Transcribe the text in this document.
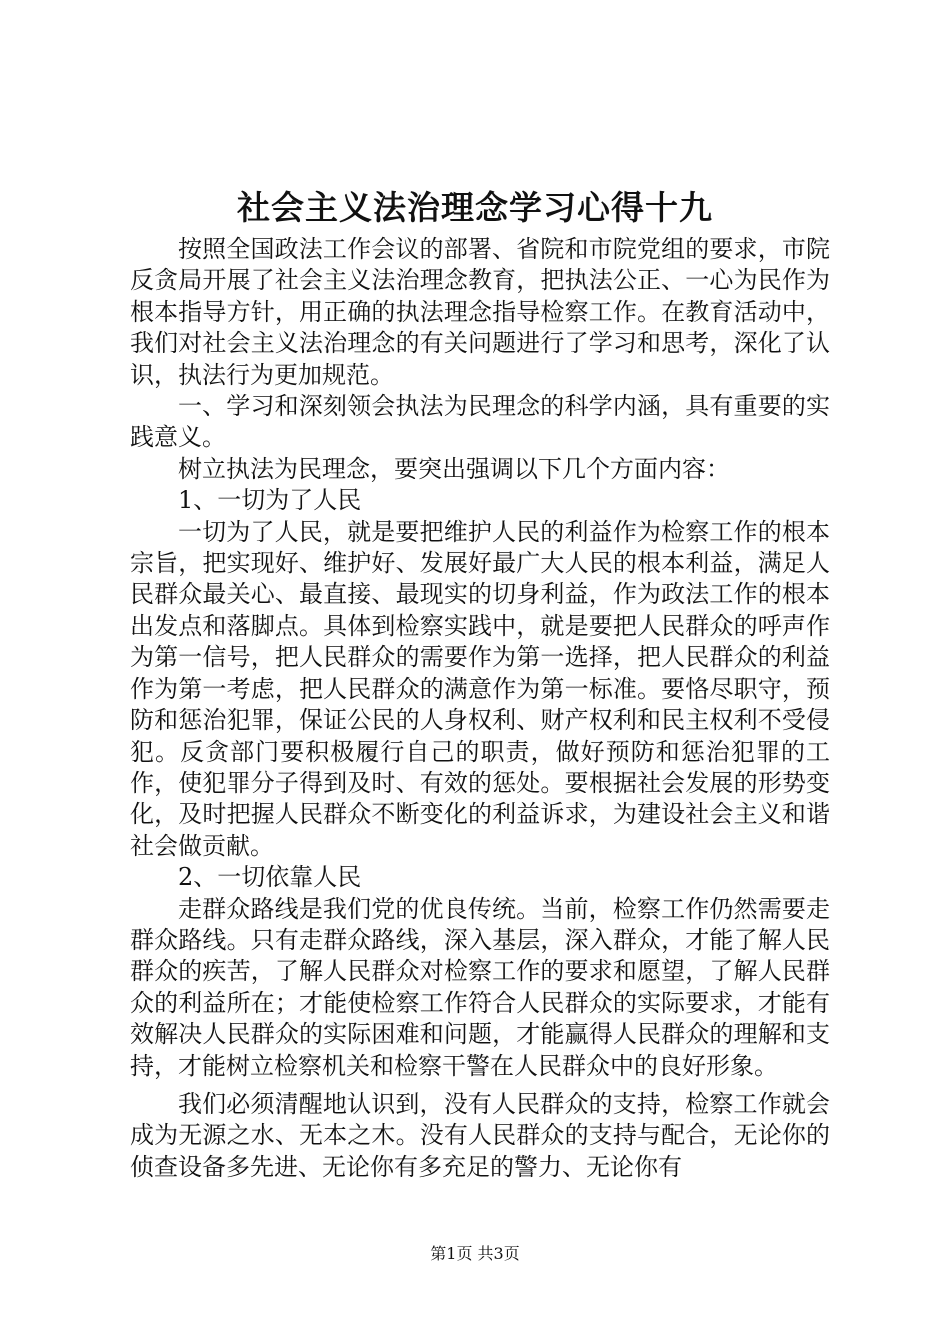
社会主义法治理念学习心得十九

按照全国政法工作会议的部署、省院和市院党组的要求，市院反贪局开展了社会主义法治理念教育，把执法公正、一心为民作为根本指导方针，用正确的执法理念指导检察工作。在教育活动中，我们对社会主义法治理念的有关问题进行了学习和思考，深化了认识，执法行为更加规范。

一、学习和深刻领会执法为民理念的科学内涵，具有重要的实践意义。

树立执法为民理念，要突出强调以下几个方面内容：

1、一切为了人民

一切为了人民，就是要把维护人民的利益作为检察工作的根本宗旨，把实现好、维护好、发展好最广大人民的根本利益，满足人民群众最关心、最直接、最现实的切身利益，作为政法工作的根本出发点和落脚点。具体到检察实践中，就是要把人民群众的呼声作为第一信号，把人民群众的需要作为第一选择，把人民群众的利益作为第一考虑，把人民群众的满意作为第一标准。要恪尽职守，预防和惩治犯罪，保证公民的人身权利、财产权利和民主权利不受侵犯。反贪部门要积极履行自己的职责，做好预防和惩治犯罪的工作，使犯罪分子得到及时、有效的惩处。要根据社会发展的形势变化，及时把握人民群众不断变化的利益诉求，为建设社会主义和谐社会做贡献。

2、一切依靠人民

走群众路线是我们党的优良传统。当前，检察工作仍然需要走群众路线。只有走群众路线，深入基层，深入群众，才能了解人民群众的疾苦，了解人民群众对检察工作的要求和愿望，了解人民群众的利益所在；才能使检察工作符合人民群众的实际要求，才能有效解决人民群众的实际困难和问题，才能赢得人民群众的理解和支持，才能树立检察机关和检察干警在人民群众中的良好形象。

我们必须清醒地认识到，没有人民群众的支持，检察工作就会成为无源之水、无本之木。没有人民群众的支持与配合，无论你的侦查设备多先进、无论你有多充足的警力、无论你有

第1页 共3页
